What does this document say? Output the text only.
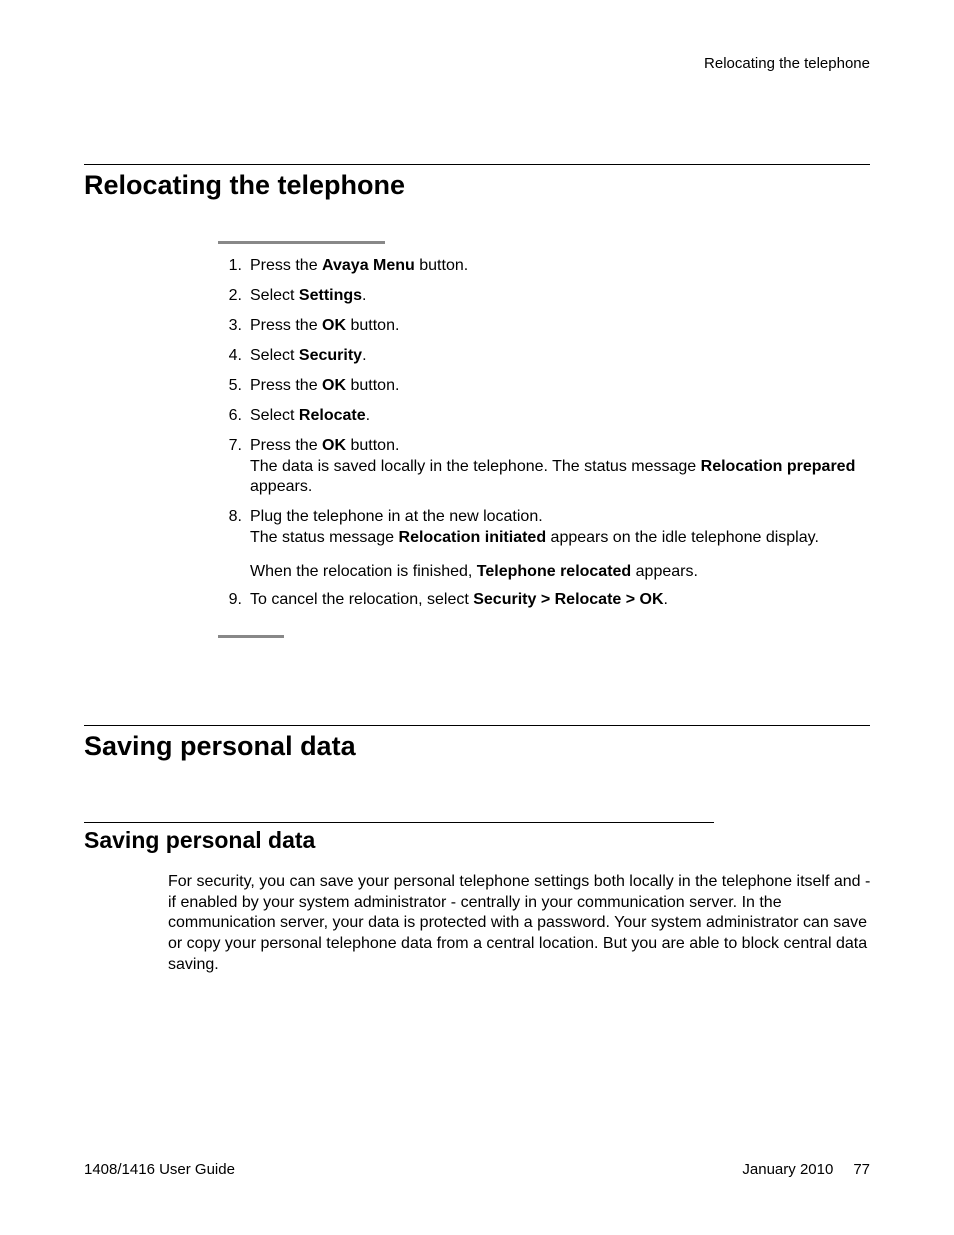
Relocating the telephone
Relocating the telephone
1. Press the Avaya Menu button.

2. Select Settings.

3. Press the OK button.

4. Select Security.

5. Press the OK button.

6. Select Relocate.

7. Press the OK button.

The data is saved locally in the telephone. The status message Relocation prepared appears.

8. Plug the telephone in at the new location.

The status message Relocation initiated appears on the idle telephone display.

When the relocation is finished, Telephone relocated appears.

9. To cancel the relocation, select Security > Relocate > OK.

Saving personal data
Saving personal data
For security, you can save your personal telephone settings both locally in the telephone itself and - if enabled by your system administrator - centrally in your communication server. In the communication server, your data is protected with a password. Your system administrator can save or copy your personal telephone data from a central location. But you are able to block central data saving.
1408/1416 User Guide	January 2010 77
